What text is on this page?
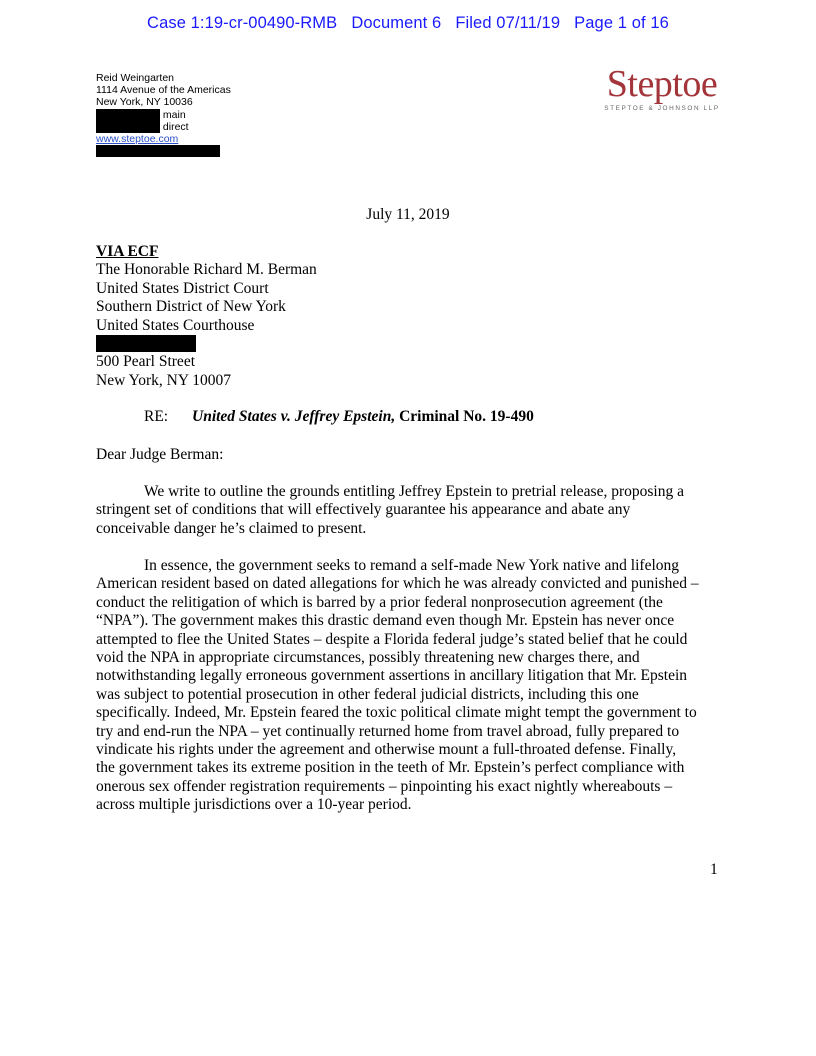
Case 1:19-cr-00490-RMB Document 6 Filed 07/11/19 Page 1 of 16
Reid Weingarten
1114 Avenue of the Americas
New York, NY 10036
main
direct
www.steptoe.com
Steptoe
STEPTOE & JOHNSON LLP
July 11, 2019
VIA ECF
The Honorable Richard M. Berman
United States District Court
Southern District of New York
United States Courthouse
500 Pearl Street
New York, NY 10007
RE: United States v. Jeffrey Epstein, Criminal No. 19-490
Dear Judge Berman:
We write to outline the grounds entitling Jeffrey Epstein to pretrial release, proposing a
stringent set of conditions that will effectively guarantee his appearance and abate any
conceivable danger he’s claimed to present.
In essence, the government seeks to remand a self-made New York native and lifelong
American resident based on dated allegations for which he was already convicted and punished –
conduct the relitigation of which is barred by a prior federal nonprosecution agreement (the
“NPA”). The government makes this drastic demand even though Mr. Epstein has never once
attempted to flee the United States – despite a Florida federal judge’s stated belief that he could
void the NPA in appropriate circumstances, possibly threatening new charges there, and
notwithstanding legally erroneous government assertions in ancillary litigation that Mr. Epstein
was subject to potential prosecution in other federal judicial districts, including this one
specifically. Indeed, Mr. Epstein feared the toxic political climate might tempt the government to
try and end-run the NPA – yet continually returned home from travel abroad, fully prepared to
vindicate his rights under the agreement and otherwise mount a full-throated defense. Finally,
the government takes its extreme position in the teeth of Mr. Epstein’s perfect compliance with
onerous sex offender registration requirements – pinpointing his exact nightly whereabouts –
across multiple jurisdictions over a 10-year period.
1
